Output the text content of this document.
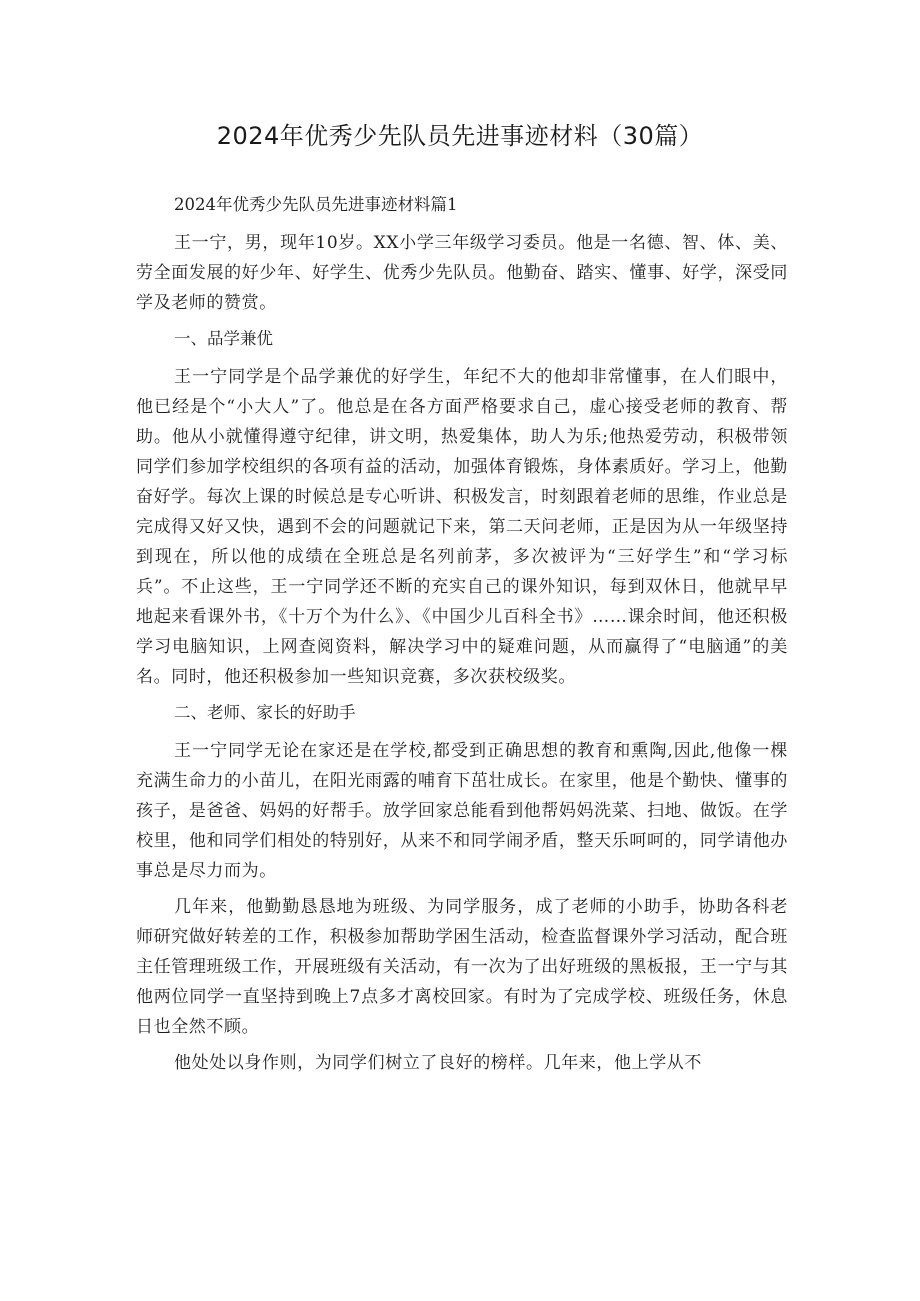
2024年优秀少先队员先进事迹材料（30篇）

2024年优秀少先队员先进事迹材料篇1

王一宁，男，现年10岁。XX小学三年级学习委员。他是一名德、智、体、美、劳全面发展的好少年、好学生、优秀少先队员。他勤奋、踏实、懂事、好学，深受同学及老师的赞赏。

一、品学兼优

王一宁同学是个品学兼优的好学生，年纪不大的他却非常懂事，在人们眼中，他已经是个“小大人”了。他总是在各方面严格要求自己，虚心接受老师的教育、帮助。他从小就懂得遵守纪律，讲文明，热爱集体，助人为乐;他热爱劳动，积极带领同学们参加学校组织的各项有益的活动，加强体育锻炼，身体素质好。学习上，他勤奋好学。每次上课的时候总是专心听讲、积极发言，时刻跟着老师的思维，作业总是完成得又好又快，遇到不会的问题就记下来，第二天问老师，正是因为从一年级坚持到现在，所以他的成绩在全班总是名列前茅，多次被评为“三好学生”和“学习标兵”。不止这些，王一宁同学还不断的充实自己的课外知识，每到双休日，他就早早地起来看课外书，《十万个为什么》、《中国少儿百科全书》……课余时间，他还积极学习电脑知识，上网查阅资料，解决学习中的疑难问题，从而赢得了“电脑通”的美名。同时，他还积极参加一些知识竞赛，多次获校级奖。

二、老师、家长的好助手

王一宁同学无论在家还是在学校,都受到正确思想的教育和熏陶,因此,他像一棵充满生命力的小苗儿，在阳光雨露的哺育下茁壮成长。在家里，他是个勤快、懂事的孩子，是爸爸、妈妈的好帮手。放学回家总能看到他帮妈妈洗菜、扫地、做饭。在学校里，他和同学们相处的特别好，从来不和同学闹矛盾，整天乐呵呵的，同学请他办事总是尽力而为。

几年来，他勤勤恳恳地为班级、为同学服务，成了老师的小助手，协助各科老师研究做好转差的工作，积极参加帮助学困生活动，检查监督课外学习活动，配合班主任管理班级工作，开展班级有关活动，有一次为了出好班级的黑板报，王一宁与其他两位同学一直坚持到晚上7点多才离校回家。有时为了完成学校、班级任务，休息日也全然不顾。

他处处以身作则，为同学们树立了良好的榜样。几年来，他上学从不
